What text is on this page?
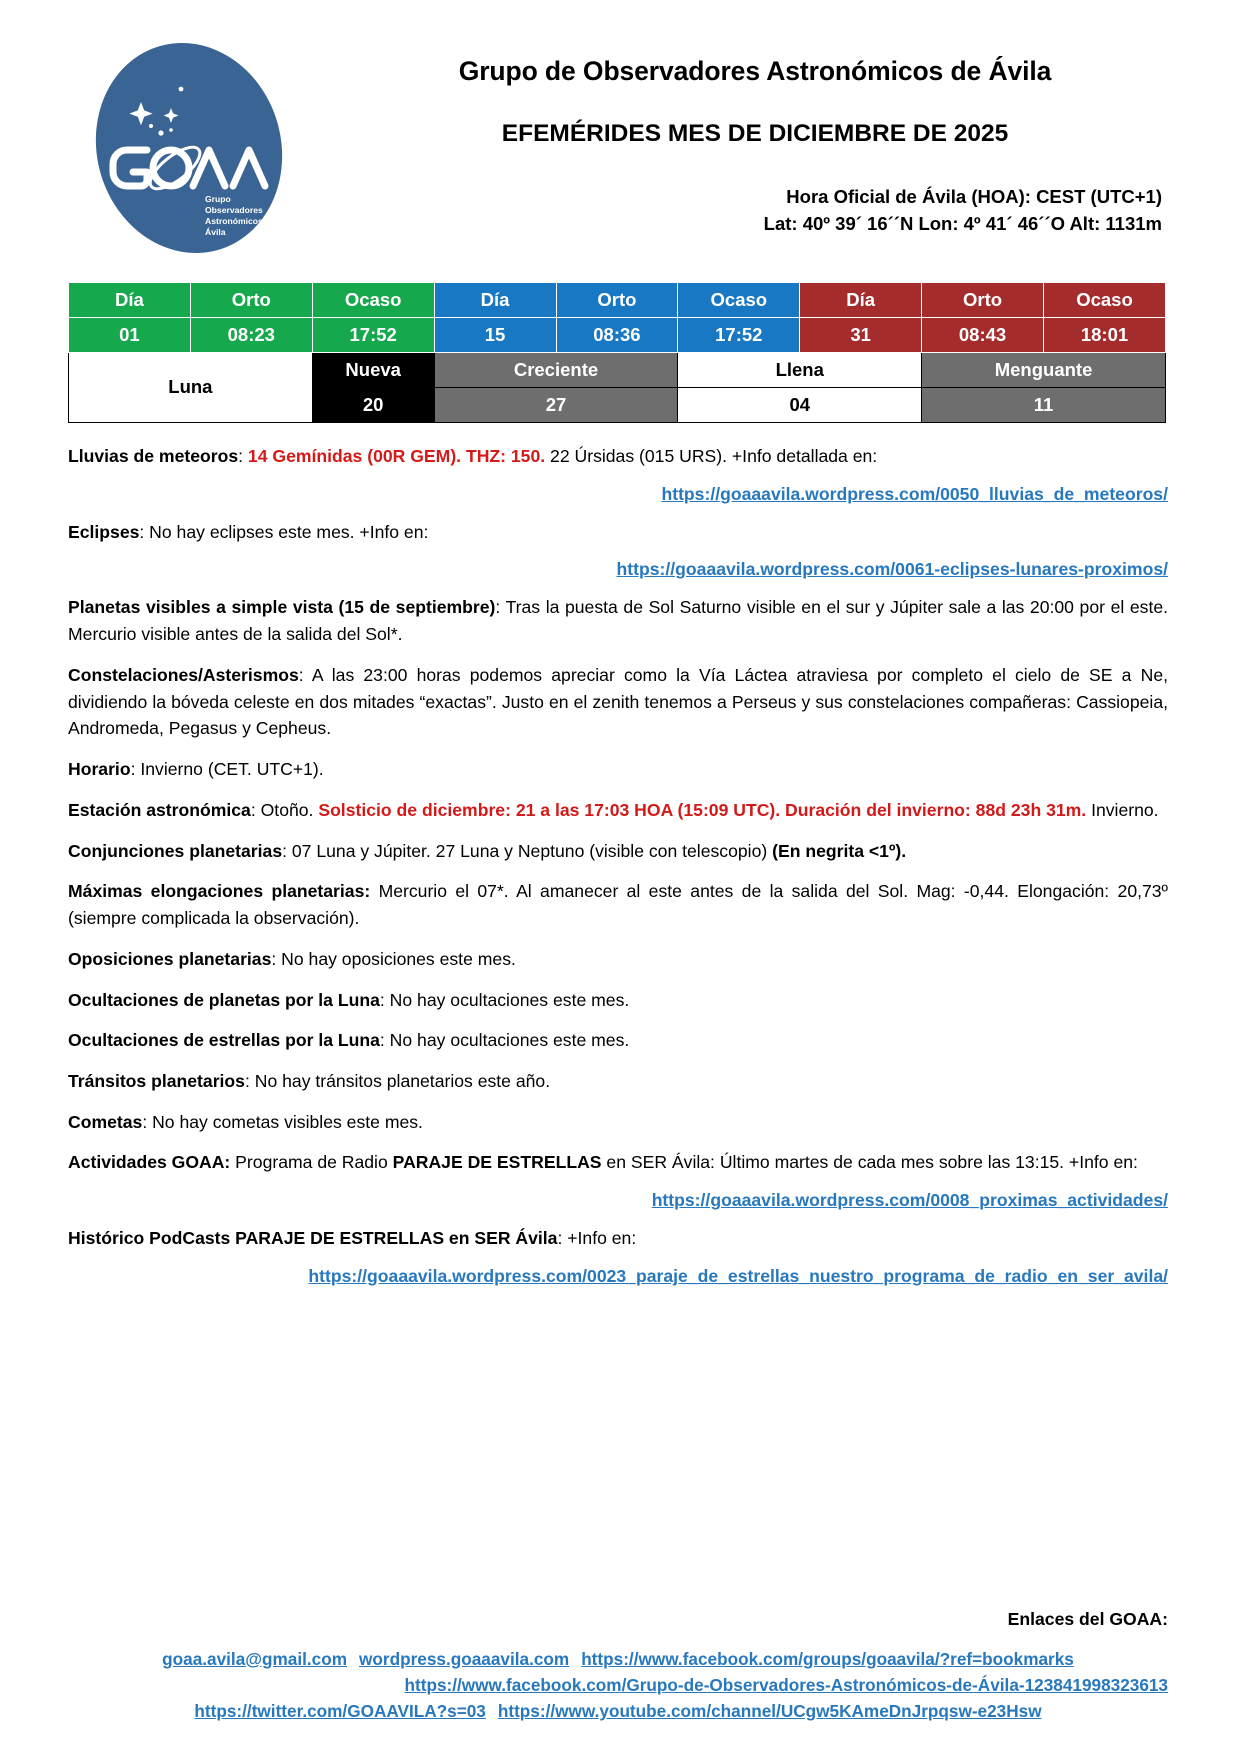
Grupo
Observadores
Astronómicos
Ávila
Grupo de Observadores Astronómicos de Ávila
EFEMÉRIDES MES DE DICIEMBRE DE 2025
Hora Oficial de Ávila (HOA): CEST (UTC+1)
Lat: 40º 39´ 16´´N Lon: 4º 41´ 46´´O Alt: 1131m
Día	Orto	Ocaso	Día	Orto	Ocaso	Día	Orto	Ocaso
01	08:23	17:52	15	08:36	17:52	31	08:43	18:01
Luna		Nueva	Creciente		Llena		Menguante	
		20	27		04		11	

Lluvias de meteoros: 14 Gemínidas (00R GEM). THZ: 150. 22 Úrsidas (015 URS). +Info detallada en:

https://goaaavila.wordpress.com/0050_lluvias_de_meteoros/

Eclipses: No hay eclipses este mes. +Info en:

https://goaaavila.wordpress.com/0061-eclipses-lunares-proximos/

Planetas visibles a simple vista (15 de septiembre): Tras la puesta de Sol Saturno visible en el sur y Júpiter sale a las 20:00 por el este. Mercurio visible antes de la salida del Sol*.

Constelaciones/Asterismos: A las 23:00 horas podemos apreciar como la Vía Láctea atraviesa por completo el cielo de SE a Ne, dividiendo la bóveda celeste en dos mitades “exactas”. Justo en el zenith tenemos a Perseus y sus constelaciones compañeras: Cassiopeia, Andromeda, Pegasus y Cepheus.

Horario: Invierno (CET. UTC+1).

Estación astronómica: Otoño. Solsticio de diciembre: 21 a las 17:03 HOA (15:09 UTC). Duración del invierno: 88d 23h 31m. Invierno.

Conjunciones planetarias: 07 Luna y Júpiter. 27 Luna y Neptuno (visible con telescopio) (En negrita <1º).

Máximas elongaciones planetarias: Mercurio el 07*. Al amanecer al este antes de la salida del Sol. Mag: -0,44. Elongación: 20,73º (siempre complicada la observación).

Oposiciones planetarias: No hay oposiciones este mes.

Ocultaciones de planetas por la Luna: No hay ocultaciones este mes.

Ocultaciones de estrellas por la Luna: No hay ocultaciones este mes.

Tránsitos planetarios: No hay tránsitos planetarios este año.

Cometas: No hay cometas visibles este mes.

Actividades GOAA: Programa de Radio PARAJE DE ESTRELLAS en SER Ávila: Último martes de cada mes sobre las 13:15. +Info en:

https://goaaavila.wordpress.com/0008_proximas_actividades/

Histórico PodCasts PARAJE DE ESTRELLAS en SER Ávila: +Info en:

https://goaaavila.wordpress.com/0023_paraje_de_estrellas_nuestro_programa_de_radio_en_ser_avila/

Enlaces del GOAA:
goaa.avila@gmail.com wordpress.goaaavila.com https://www.facebook.com/groups/goaavila/?ref=bookmarks
https://www.facebook.com/Grupo-de-Observadores-Astronómicos-de-Ávila-123841998323613
https://twitter.com/GOAAVILA?s=03 https://www.youtube.com/channel/UCgw5KAmeDnJrpqsw-e23Hsw
